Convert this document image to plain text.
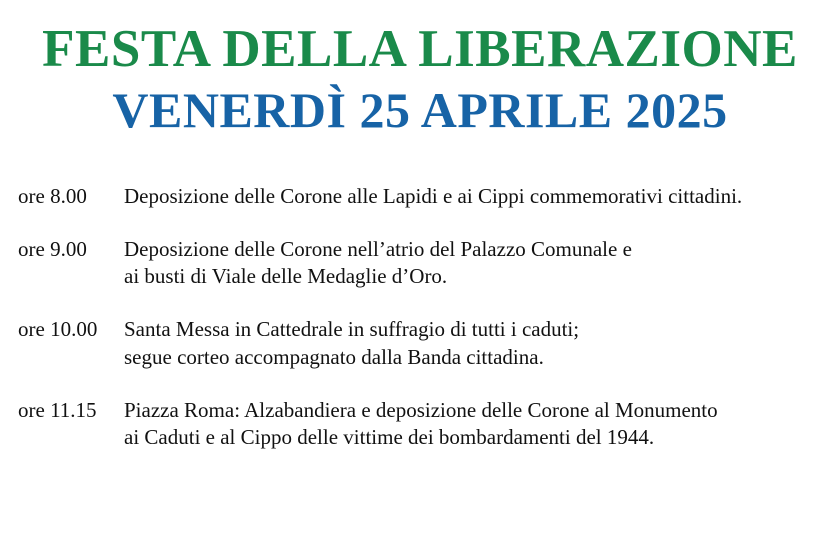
FESTA DELLA LIBERAZIONE
VENERDÌ 25 APRILE 2025
ore 8.00	Deposizione delle Corone alle Lapidi e ai Cippi commemorativi cittadini.
ore 9.00	Deposizione delle Corone nell’atrio del Palazzo Comunale e
ai busti di Viale delle Medaglie d’Oro.
ore 10.00	Santa Messa in Cattedrale in suffragio di tutti i caduti;
segue corteo accompagnato dalla Banda cittadina.
ore 11.15	Piazza Roma: Alzabandiera e deposizione delle Corone al Monumento
ai Caduti e al Cippo delle vittime dei bombardamenti del 1944.
